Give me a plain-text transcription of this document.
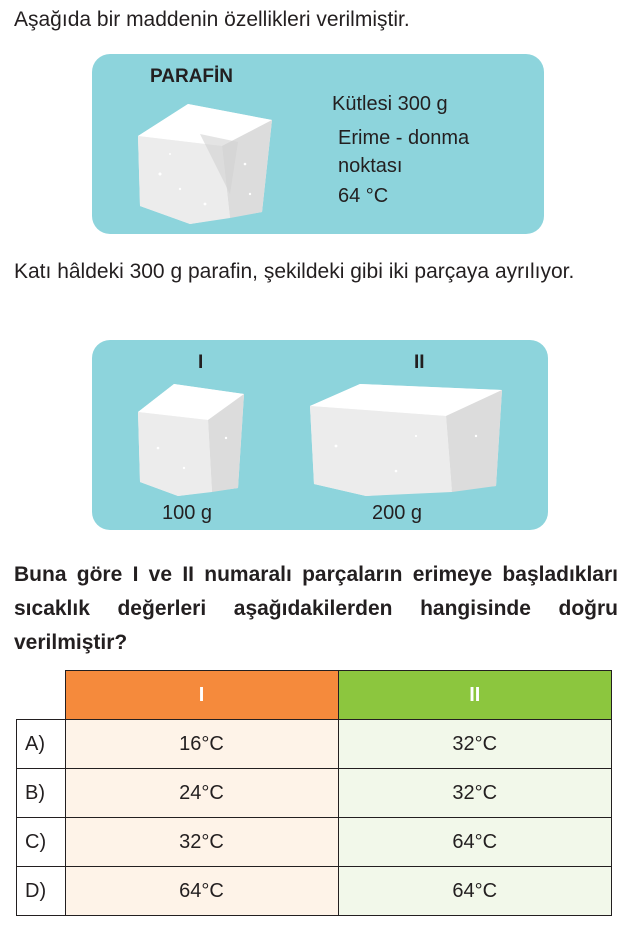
Aşağıda bir maddenin özellikleri verilmiştir.

PARAFİN
Kütlesi 300 g
Erime - donma noktası
64 °C

Katı hâldeki 300 g parafin, şekildeki gibi iki parçaya ayrılıyor.

I	II
100 g	200 g

Buna göre I ve II numaralı parçaların erimeye başladıkları sıcaklık değerleri aşağıdakilerden hangisinde doğru verilmiştir?

	I	II
A)	16°C	32°C
B)	24°C	32°C
C)	32°C	64°C
D)	64°C	64°C
